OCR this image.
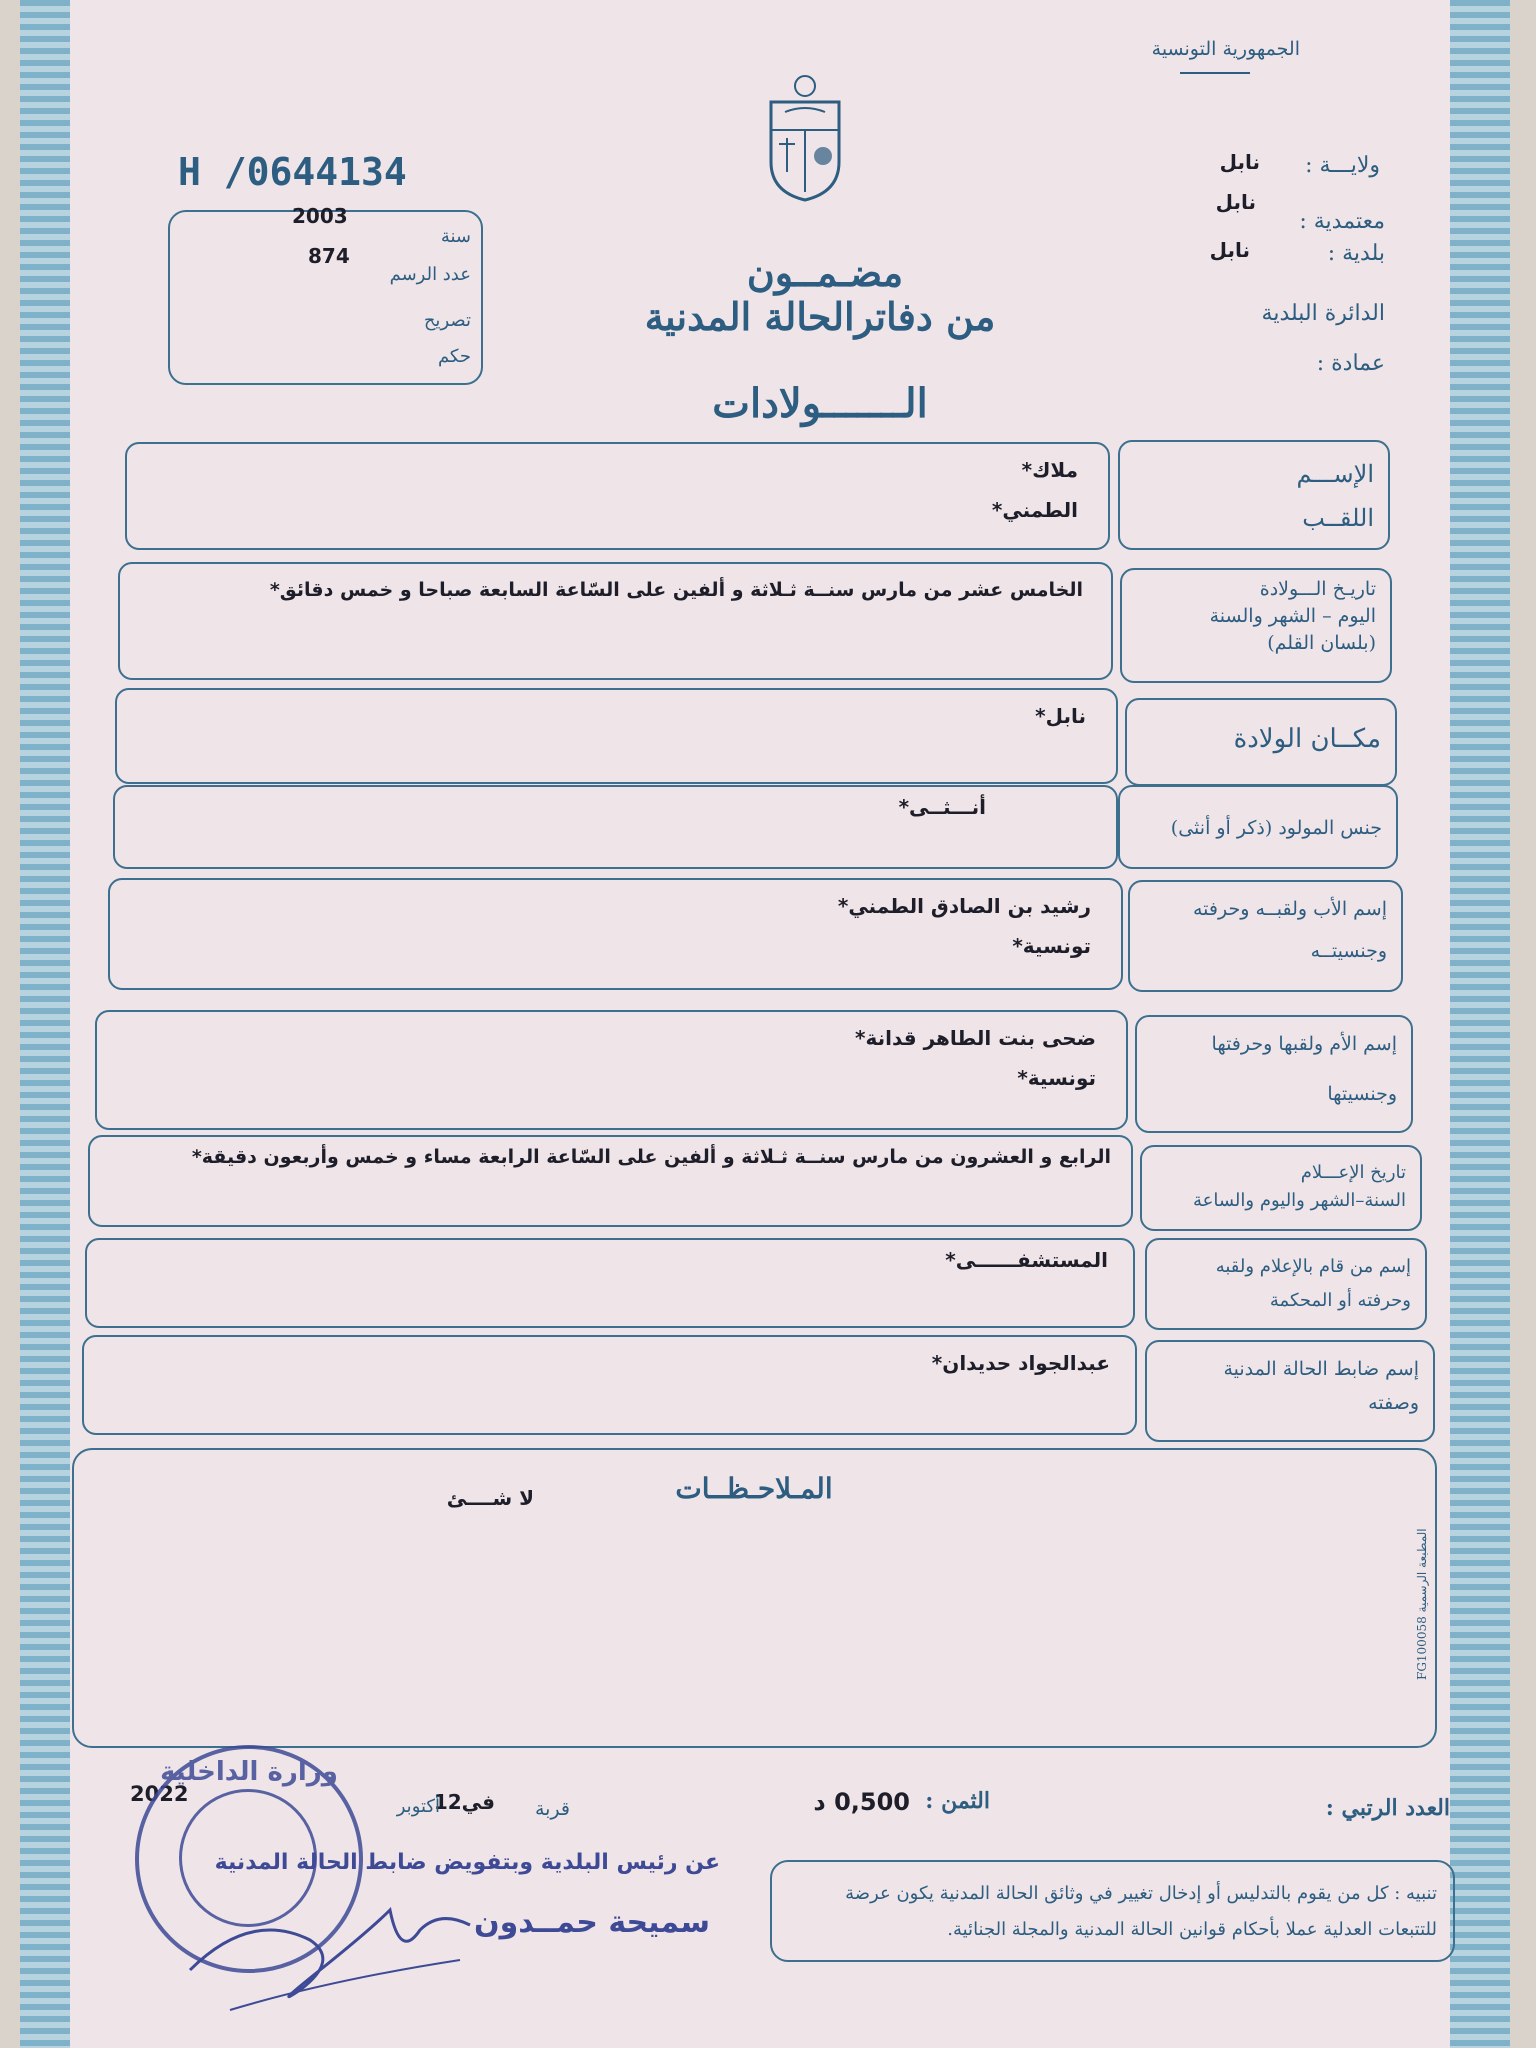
الجمهورية التونسية
H /0644134
2003
سنة
874
عدد الرسم
تصريح
حكم
ولايـــة :
نابل
معتمدية :
نابل
بلدية :
نابل
الدائرة البلدية
عمادة :
مضـمــون
من دفاترالحالة المدنية
الـــــــولادات
الإســـم
اللقــب
ملاك*
الطمني*
تاريـخ الـــولادة
اليوم – الشهر والسنة
(بلسان القلم)
الخامس عشر من مارس سنــة ثـلاثة و ألفين على السّاعة السابعة صباحا و خمس دقائق*
مكــان الولادة
نابل*
جنس المولود (ذكر أو أنثى)
أنـــثــى*
إسم الأب ولقبــه وحرفته
وجنسيتــه
رشيد بن الصادق الطمني*
تونسية*
إسم الأم ولقبها وحرفتها
وجنسيتها
ضحى بنت الطاهر قدانة*
تونسية*
تاريخ الإعـــلام
السنة–الشهر واليوم والساعة
الرابع و العشرون من مارس سنــة ثـلاثة و ألفين على السّاعة الرابعة مساء و خمس وأربعون دقيقة*
إسم من قام بالإعلام ولقبه
وحرفته أو المحكمة
المستشفــــــى*
إسم ضابط الحالة المدنية
وصفته
عبدالجواد حديدان*
المـلاحـظــات
لا شــــئ
المطبعة الرسمية FG100058
العدد الرتبي :
الثمن :
0,500 د
قربة
في12
أكتوبر
2022
وزارة الداخلية
عن رئيس البلدية وبتفويض ضابط الحالة المدنية
سميحة حمــدون
تنبيه : كل من يقوم بالتدليس أو إدخال تغيير في وثائق الحالة المدنية يكون عرضة للتتبعات العدلية عملا بأحكام قوانين الحالة المدنية والمجلة الجنائية.
